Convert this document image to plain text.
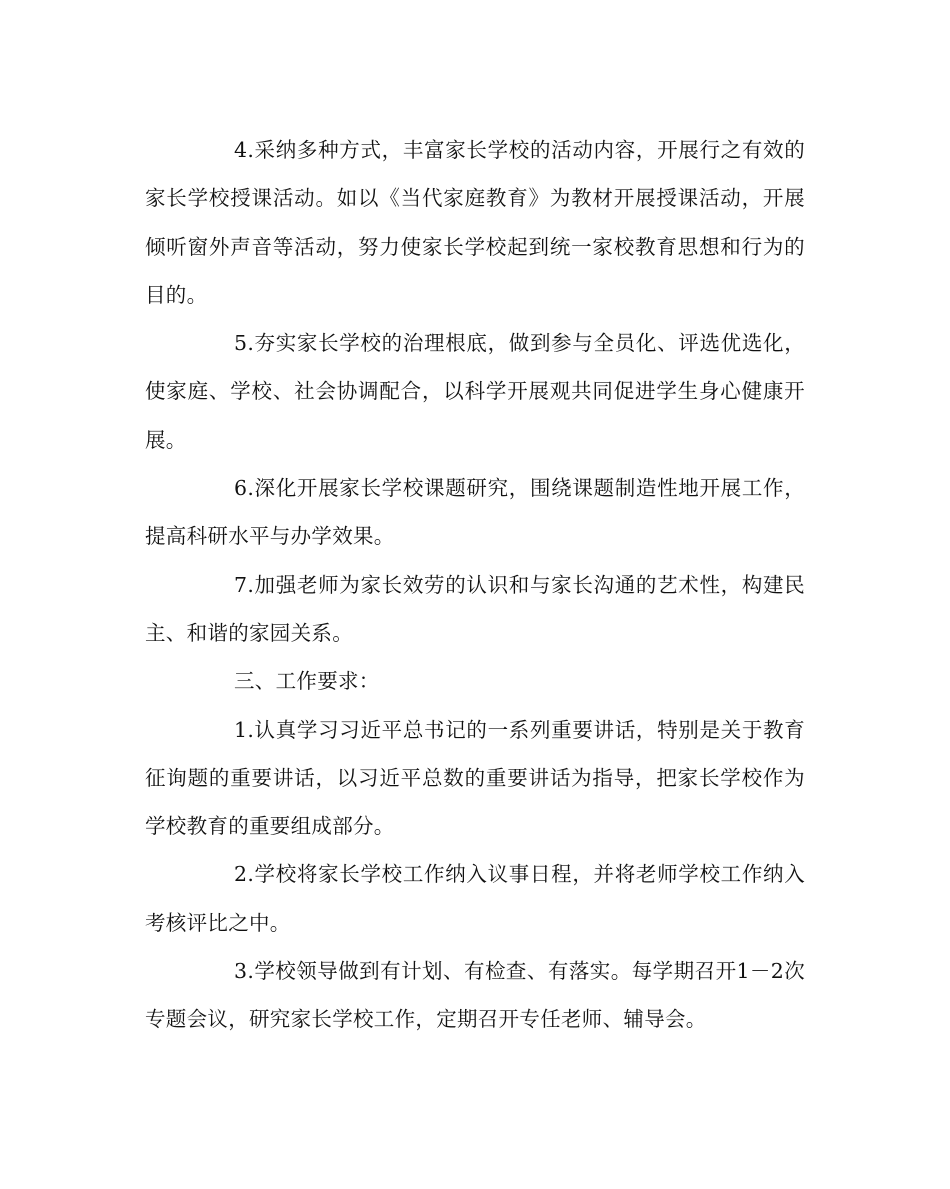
4.采纳多种方式，丰富家长学校的活动内容，开展行之有效的家长学校授课活动。如以《当代家庭教育》为教材开展授课活动，开展倾听窗外声音等活动，努力使家长学校起到统一家校教育思想和行为的目的。

5.夯实家长学校的治理根底，做到参与全员化、评选优选化，使家庭、学校、社会协调配合，以科学开展观共同促进学生身心健康开展。

6.深化开展家长学校课题研究，围绕课题制造性地开展工作，提高科研水平与办学效果。

7.加强老师为家长效劳的认识和与家长沟通的艺术性，构建民主、和谐的家园关系。

三、工作要求：

1.认真学习习近平总书记的一系列重要讲话，特别是关于教育征询题的重要讲话，以习近平总数的重要讲话为指导，把家长学校作为学校教育的重要组成部分。

2.学校将家长学校工作纳入议事日程，并将老师学校工作纳入考核评比之中。

3.学校领导做到有计划、有检查、有落实。每学期召开1－2次专题会议，研究家长学校工作，定期召开专任老师、辅导会。
